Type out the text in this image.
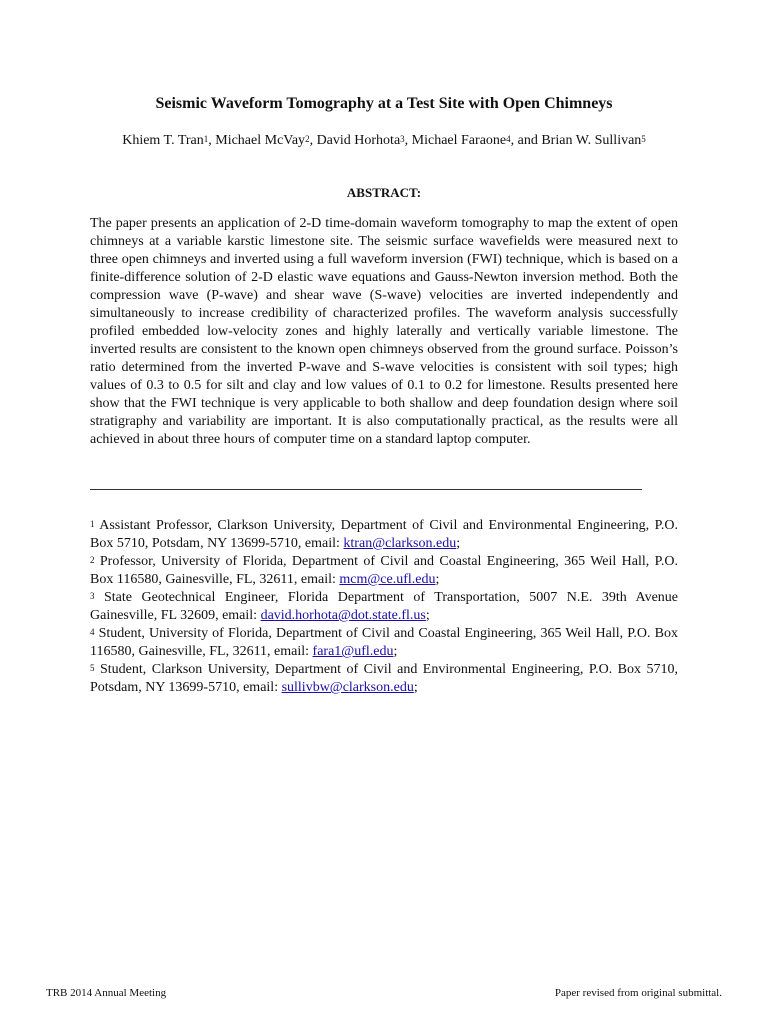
Seismic Waveform Tomography at a Test Site with Open Chimneys
Khiem T. Tran$^1$, Michael McVay$^2$, David Horhota$^3$, Michael Faraone$^4$, and Brian W. Sullivan$^5$
ABSTRACT:

The paper presents an application of 2-D time-domain waveform tomography to map the extent of open chimneys at a variable karstic limestone site. The seismic surface wavefields were measured next to three open chimneys and inverted using a full waveform inversion (FWI) technique, which is based on a finite-difference solution of 2-D elastic wave equations and Gauss-Newton inversion method. Both the compression wave (P-wave) and shear wave (S-wave) velocities are inverted independently and simultaneously to increase credibility of characterized profiles. The waveform analysis successfully profiled embedded low-velocity zones and highly laterally and vertically variable limestone. The inverted results are consistent to the known open chimneys observed from the ground surface. Poisson’s ratio determined from the inverted P-wave and S-wave velocities is consistent with soil types; high values of 0.3 to 0.5 for silt and clay and low values of 0.1 to 0.2 for limestone. Results presented here show that the FWI technique is very applicable to both shallow and deep foundation design where soil stratigraphy and variability are important. It is also computationally practical, as the results were all achieved in about three hours of computer time on a standard laptop computer.

$^1$ Assistant Professor, Clarkson University, Department of Civil and Environmental Engineering, P.O. Box 5710, Potsdam, NY 13699-5710, email: ktran@clarkson.edu;

$^2$ Professor, University of Florida, Department of Civil and Coastal Engineering, 365 Weil Hall, P.O. Box 116580, Gainesville, FL, 32611, email: mcm@ce.ufl.edu;

$^3$ State Geotechnical Engineer, Florida Department of Transportation, 5007 N.E. 39th Avenue Gainesville, FL 32609, email: david.horhota@dot.state.fl.us;

$^4$ Student, University of Florida, Department of Civil and Coastal Engineering, 365 Weil Hall, P.O. Box 116580, Gainesville, FL, 32611, email: fara1@ufl.edu;

$^5$ Student, Clarkson University, Department of Civil and Environmental Engineering, P.O. Box 5710, Potsdam, NY 13699-5710, email: sullivbw@clarkson.edu;

TRB 2014 Annual Meeting	Paper revised from original submittal.
